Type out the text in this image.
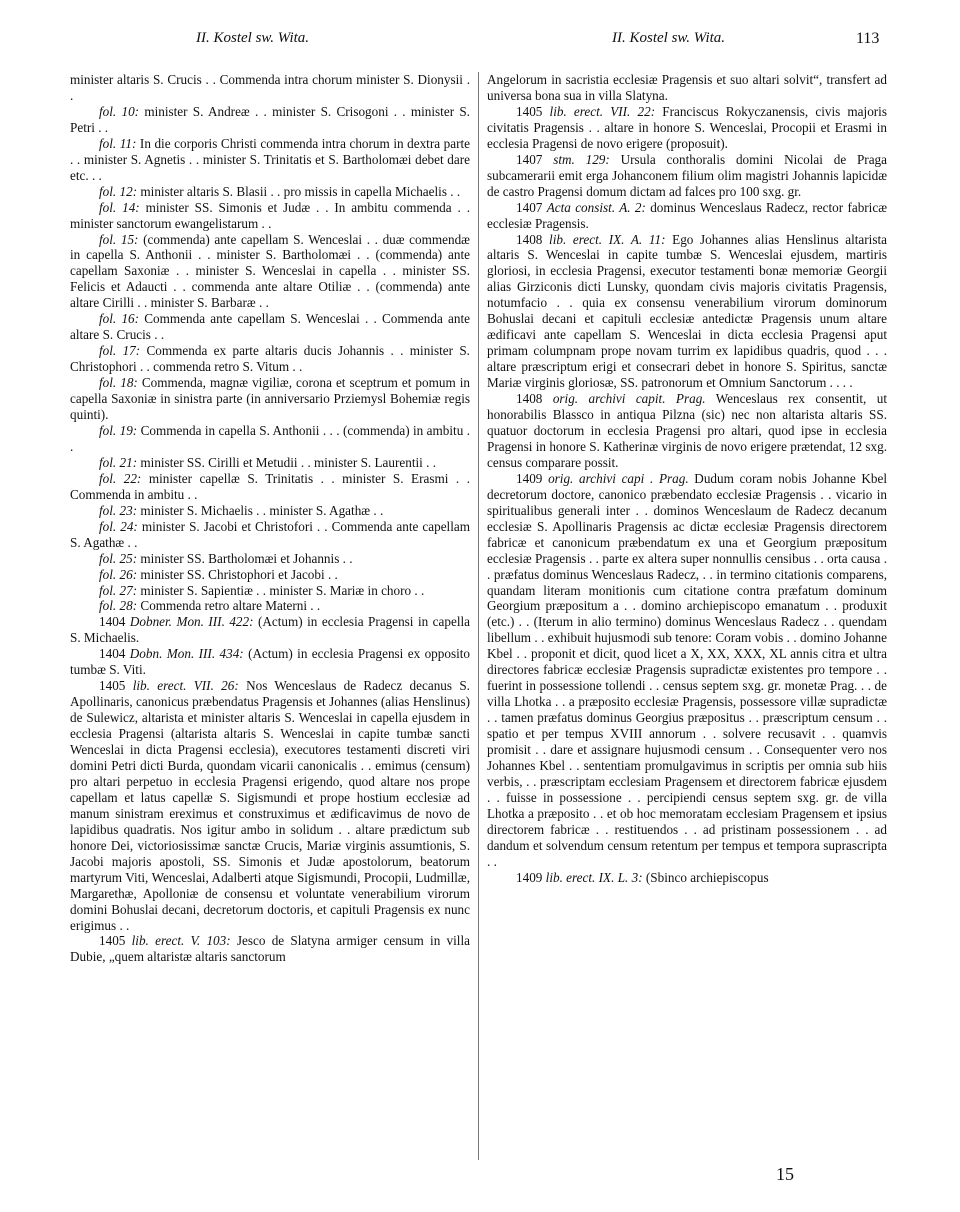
II. Kostel sw. Wita.	II. Kostel sw. Wita.	113

minister altaris S. Crucis . . Commenda intra chorum minister S. Dionysii . .

fol. 10: minister S. Andreæ . . minister S. Crisogoni . . minister S. Petri . .

fol. 11: In die corporis Christi commenda intra chorum in dextra parte . . minister S. Agnetis . . minister S. Trinitatis et S. Bartholomæi debet dare etc. . .

fol. 12: minister altaris S. Blasii . . pro missis in capella Michaelis . .

fol. 14: minister SS. Simonis et Judæ . . In ambitu commenda . . minister sanctorum ewangelistarum . .

fol. 15: (commenda) ante capellam S. Wenceslai . . duæ commendæ in capella S. Anthonii . . minister S. Bartholomæi . . (commenda) ante capellam Saxoniæ . . minister S. Wenceslai in capella . . minister SS. Felicis et Adaucti . . commenda ante altare Otiliæ . . (commenda) ante altare Cirilli . . minister S. Barbaræ . .

fol. 16: Commenda ante capellam S. Wenceslai . . Commenda ante altare S. Crucis . .

fol. 17: Commenda ex parte altaris ducis Johannis . . minister S. Christophori . . commenda retro S. Vitum . .

fol. 18: Commenda, magnæ vigiliæ, corona et sceptrum et pomum in capella Saxoniæ in sinistra parte (in anniversario Prziemysl Bohemiæ regis quinti).

fol. 19: Commenda in capella S. Anthonii . . . (commenda) in ambitu . .

fol. 21: minister SS. Cirilli et Metudii . . minister S. Laurentii . .

fol. 22: minister capellæ S. Trinitatis . . minister S. Erasmi . . Commenda in ambitu . .

fol. 23: minister S. Michaelis . . minister S. Agathæ . .

fol. 24: minister S. Jacobi et Christofori . . Commenda ante capellam S. Agathæ . .

fol. 25: minister SS. Bartholomæi et Johannis . .

fol. 26: minister SS. Christophori et Jacobi . .

fol. 27: minister S. Sapientiæ . . minister S. Mariæ in choro . .

fol. 28: Commenda retro altare Materni . .

1404 Dobner. Mon. III. 422: (Actum) in ecclesia Pragensi in capella S. Michaelis.

1404 Dobn. Mon. III. 434: (Actum) in ecclesia Pragensi ex opposito tumbæ S. Viti.

1405 lib. erect. VII. 26: Nos Wenceslaus de Radecz decanus S. Apollinaris, canonicus præbendatus Pragensis et Johannes (alias Henslinus) de Sulewicz, altarista et minister altaris S. Wenceslai in capella ejusdem in ecclesia Pragensi (altarista altaris S. Wenceslai in capite tumbæ sancti Wenceslai in dicta Pragensi ecclesia), executores testamenti discreti viri domini Petri dicti Burda, quondam vicarii canonicalis . . emimus (censum) pro altari perpetuo in ecclesia Pragensi erigendo, quod altare nos prope capellam et latus capellæ S. Sigismundi et prope hostium ecclesiæ ad manum sinistram ereximus et construximus et ædificavimus de novo de lapidibus quadratis. Nos igitur ambo in solidum . . altare prædictum sub honore Dei, victoriosissimæ sanctæ Crucis, Mariæ virginis assumtionis, S. Jacobi majoris apostoli, SS. Simonis et Judæ apostolorum, beatorum martyrum Viti, Wenceslai, Adalberti atque Sigismundi, Procopii, Ludmillæ, Margarethæ, Apolloniæ de consensu et voluntate venerabilium virorum domini Bohuslai decani, decretorum doctoris, et capituli Pragensis ex nunc erigimus . .

1405 lib. erect. V. 103: Jesco de Slatyna armiger censum in villa Dubie, „quem altaristæ altaris sanctorum

Angelorum in sacristia ecclesiæ Pragensis et suo altari solvit“, transfert ad universa bona sua in villa Slatyna.

1405 lib. erect. VII. 22: Franciscus Rokyczanensis, civis majoris civitatis Pragensis . . altare in honore S. Wenceslai, Procopii et Erasmi in ecclesia Pragensi de novo erigere (proposuit).

1407 stm. 129: Ursula conthoralis domini Nicolai de Praga subcamerarii emit erga Johanconem filium olim magistri Johannis lapicidæ de castro Pragensi domum dictam ad falces pro 100 sxg. gr.

1407 Acta consist. A. 2: dominus Wenceslaus Radecz, rector fabricæ ecclesiæ Pragensis.

1408 lib. erect. IX. A. 11: Ego Johannes alias Henslinus altarista altaris S. Wenceslai in capite tumbæ S. Wenceslai ejusdem, martiris gloriosi, in ecclesia Pragensi, executor testamenti bonæ memoriæ Georgii alias Girziconis dicti Lunsky, quondam civis majoris civitatis Pragensis, notumfacio . . quia ex consensu venerabilium virorum dominorum Bohuslai decani et capituli ecclesiæ antedictæ Pragensis unum altare ædificavi ante capellam S. Wenceslai in dicta ecclesia Pragensi aput primam columpnam prope novam turrim ex lapidibus quadris, quod . . . altare præscriptum erigi et consecrari debet in honore S. Spiritus, sanctæ Mariæ virginis gloriosæ, SS. patronorum et Omnium Sanctorum . . . .

1408 orig. archivi capit. Prag. Wenceslaus rex consentit, ut honorabilis Blassco in antiqua Pilzna (sic) nec non altarista altaris SS. quatuor doctorum in ecclesia Pragensi pro altari, quod ipse in ecclesia Pragensi in honore S. Katherinæ virginis de novo erigere prætendat, 12 sxg. census comparare possit.

1409 orig. archivi capi . Prag. Dudum coram nobis Johanne Kbel decretorum doctore, canonico præbendato ecclesiæ Pragensis . . vicario in spiritualibus generali inter . . dominos Wenceslaum de Radecz decanum ecclesiæ S. Apollinaris Pragensis ac dictæ ecclesiæ Pragensis directorem fabricæ et canonicum præbendatum ex una et Georgium præpositum ecclesiæ Pragensis . . parte ex altera super nonnullis censibus . . orta causa . . præfatus dominus Wenceslaus Radecz, . . in termino citationis comparens, quandam literam monitionis cum citatione contra præfatum dominum Georgium præpositum a . . domino archiepiscopo emanatum . . produxit (etc.) . . (Iterum in alio termino) dominus Wenceslaus Radecz . . quendam libellum . . exhibuit hujusmodi sub tenore: Coram vobis . . domino Johanne Kbel . . proponit et dicit, quod licet a X, XX, XXX, XL annis citra et ultra directores fabricæ ecclesiæ Pragensis supradictæ existentes pro tempore . . fuerint in possessione tollendi . . census septem sxg. gr. monetæ Prag. . . de villa Lhotka . . a præposito ecclesiæ Pragensis, possessore villæ supradictæ . . tamen præfatus dominus Georgius præpositus . . præscriptum censum . . spatio et per tempus XVIII annorum . . solvere recusavit . . quamvis promisit . . dare et assignare hujusmodi censum . . Consequenter vero nos Johannes Kbel . . sententiam promulgavimus in scriptis per omnia sub hiis verbis, . . præscriptam ecclesiam Pragensem et directorem fabricæ ejusdem . . fuisse in possessione . . percipiendi census septem sxg. gr. de villa Lhotka a præposito . . et ob hoc memoratam ecclesiam Pragensem et ipsius directorem fabricæ . . restituendos . . ad pristinam possessionem . . ad dandum et solvendum censum retentum per tempus et tempora suprascripta . .

1409 lib. erect. IX. L. 3: (Sbinco archiepiscopus

15
